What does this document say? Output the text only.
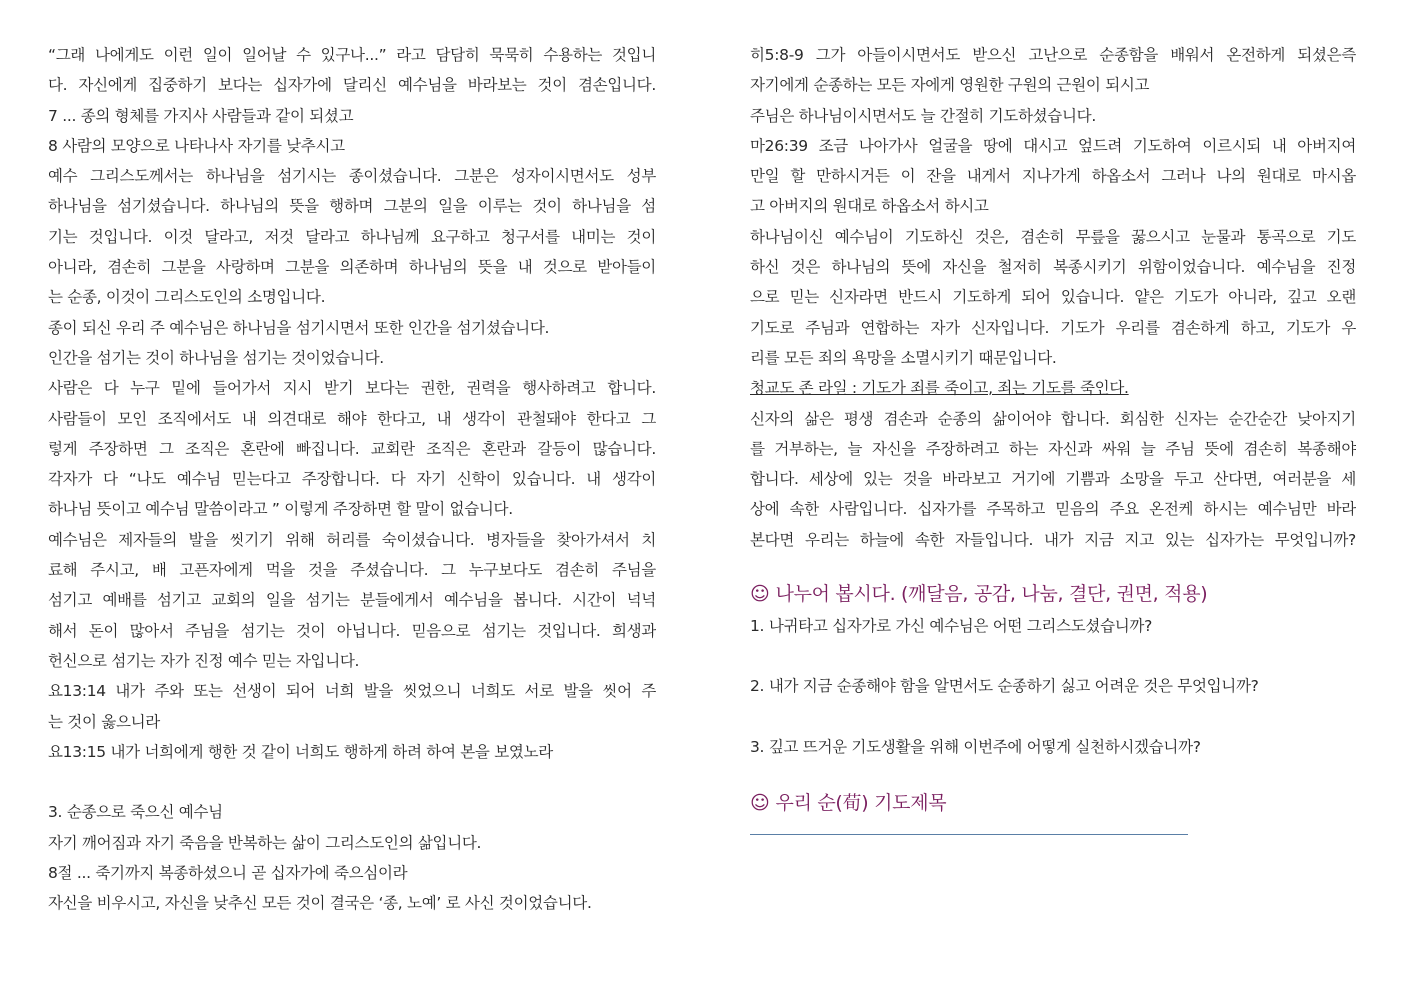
“그래 나에게도 이런 일이 일어날 수 있구나...” 라고 담담히 묵묵히 수용하는 것입니
다. 자신에게 집중하기 보다는 십자가에 달리신 예수님을 바라보는 것이 겸손입니다.
7 ... 종의 형체를 가지사 사람들과 같이 되셨고
8 사람의 모양으로 나타나사 자기를 낮추시고
예수 그리스도께서는 하나님을 섬기시는 종이셨습니다. 그분은 성자이시면서도 성부
하나님을 섬기셨습니다. 하나님의 뜻을 행하며 그분의 일을 이루는 것이 하나님을 섬
기는 것입니다. 이것 달라고, 저것 달라고 하나님께 요구하고 청구서를 내미는 것이
아니라, 겸손히 그분을 사랑하며 그분을 의존하며 하나님의 뜻을 내 것으로 받아들이
는 순종, 이것이 그리스도인의 소명입니다.
종이 되신 우리 주 예수님은 하나님을 섬기시면서 또한 인간을 섬기셨습니다.
인간을 섬기는 것이 하나님을 섬기는 것이었습니다.
사람은 다 누구 밑에 들어가서 지시 받기 보다는 권한, 권력을 행사하려고 합니다.
사람들이 모인 조직에서도 내 의견대로 해야 한다고, 내 생각이 관철돼야 한다고 그
렇게 주장하면 그 조직은 혼란에 빠집니다. 교회란 조직은 혼란과 갈등이 많습니다.
각자가 다 “나도 예수님 믿는다고 주장합니다. 다 자기 신학이 있습니다. 내 생각이
하나님 뜻이고 예수님 말씀이라고 ” 이렇게 주장하면 할 말이 없습니다.
예수님은 제자들의 발을 씻기기 위해 허리를 숙이셨습니다. 병자들을 찾아가셔서 치
료해 주시고, 배 고픈자에게 먹을 것을 주셨습니다. 그 누구보다도 겸손히 주님을
섬기고 예배를 섬기고 교회의 일을 섬기는 분들에게서 예수님을 봅니다. 시간이 넉넉
해서 돈이 많아서 주님을 섬기는 것이 아닙니다. 믿음으로 섬기는 것입니다. 희생과
헌신으로 섬기는 자가 진정 예수 믿는 자입니다.
요13:14 내가 주와 또는 선생이 되어 너희 발을 씻었으니 너희도 서로 발을 씻어 주
는 것이 옳으니라
요13:15 내가 너희에게 행한 것 같이 너희도 행하게 하려 하여 본을 보였노라
3. 순종으로 죽으신 예수님
자기 깨어짐과 자기 죽음을 반복하는 삶이 그리스도인의 삶입니다.
8절 ... 죽기까지 복종하셨으니 곧 십자가에 죽으심이라
자신을 비우시고, 자신을 낮추신 모든 것이 결국은 ‘종, 노예’ 로 사신 것이었습니다.
히5:8-9 그가 아들이시면서도 받으신 고난으로 순종함을 배워서 온전하게 되셨은즉
자기에게 순종하는 모든 자에게 영원한 구원의 근원이 되시고
주님은 하나님이시면서도 늘 간절히 기도하셨습니다.
마26:39 조금 나아가사 얼굴을 땅에 대시고 엎드려 기도하여 이르시되 내 아버지여
만일 할 만하시거든 이 잔을 내게서 지나가게 하옵소서 그러나 나의 원대로 마시옵
고 아버지의 원대로 하옵소서 하시고
하나님이신 예수님이 기도하신 것은, 겸손히 무릎을 꿇으시고 눈물과 통곡으로 기도
하신 것은 하나님의 뜻에 자신을 철저히 복종시키기 위함이었습니다. 예수님을 진정
으로 믿는 신자라면 반드시 기도하게 되어 있습니다. 얕은 기도가 아니라, 깊고 오랜
기도로 주님과 연합하는 자가 신자입니다. 기도가 우리를 겸손하게 하고, 기도가 우
리를 모든 죄의 욕망을 소멸시키기 때문입니다.
청교도 존 라일 : 기도가 죄를 죽이고, 죄는 기도를 죽인다.
신자의 삶은 평생 겸손과 순종의 삶이어야 합니다. 회심한 신자는 순간순간 낮아지기
를 거부하는, 늘 자신을 주장하려고 하는 자신과 싸워 늘 주님 뜻에 겸손히 복종해야
합니다. 세상에 있는 것을 바라보고 거기에 기쁨과 소망을 두고 산다면, 여러분을 세
상에 속한 사람입니다. 십자가를 주목하고 믿음의 주요 온전케 하시는 예수님만 바라
본다면 우리는 하늘에 속한 자들입니다. 내가 지금 지고 있는 십자가는 무엇입니까?
☺ 나누어 봅시다. (깨달음, 공감, 나눔, 결단, 권면, 적용)
1. 나귀타고 십자가로 가신 예수님은 어떤 그리스도셨습니까?
2. 내가 지금 순종해야 함을 알면서도 순종하기 싫고 어려운 것은 무엇입니까?
3. 깊고 뜨거운 기도생활을 위해 이번주에 어떻게 실천하시겠습니까?
☺ 우리 순(荀) 기도제목
